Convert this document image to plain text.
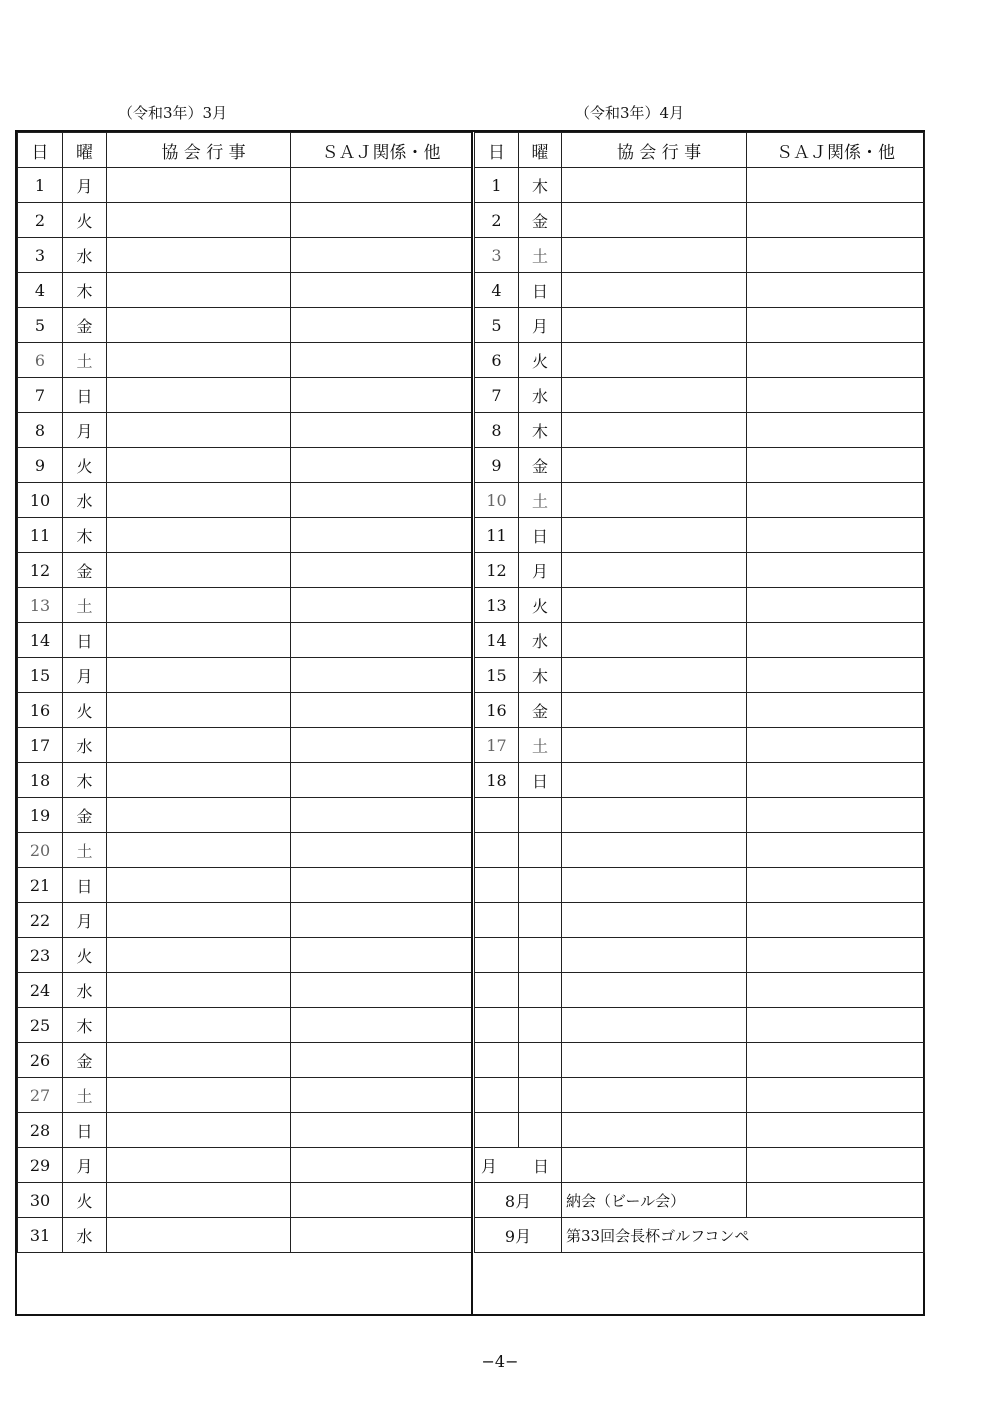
（令和3年）3月	（令和3年）4月
日	曜	協 会 行 事	ＳＡＪ関係・他
1	月		
2	火		
3	水		
4	木		
5	金		
6	土		
7	日		
8	月		
9	火		
10	水		
11	木		
12	金		
13	土		
14	日		
15	月		
16	火		
17	水		
18	木		
19	金		
20	土		
21	日		
22	月		
23	火		
24	水		
25	木		
26	金		
27	土		
28	日		
29	月		
30	火		
31	水		
日	曜	協 会 行 事	ＳＡＪ関係・他
1	木		
2	金		
3	土		
4	日		
5	月		
6	火		
7	水		
8	木		
9	金		
10	土		
11	日		
12	月		
13	火		
14	水		
15	木		
16	金		
17	土		
18	日		

月 日			
8月		納会（ビール会）	
9月		第33回会長杯ゴルフコンペ	
−4−
